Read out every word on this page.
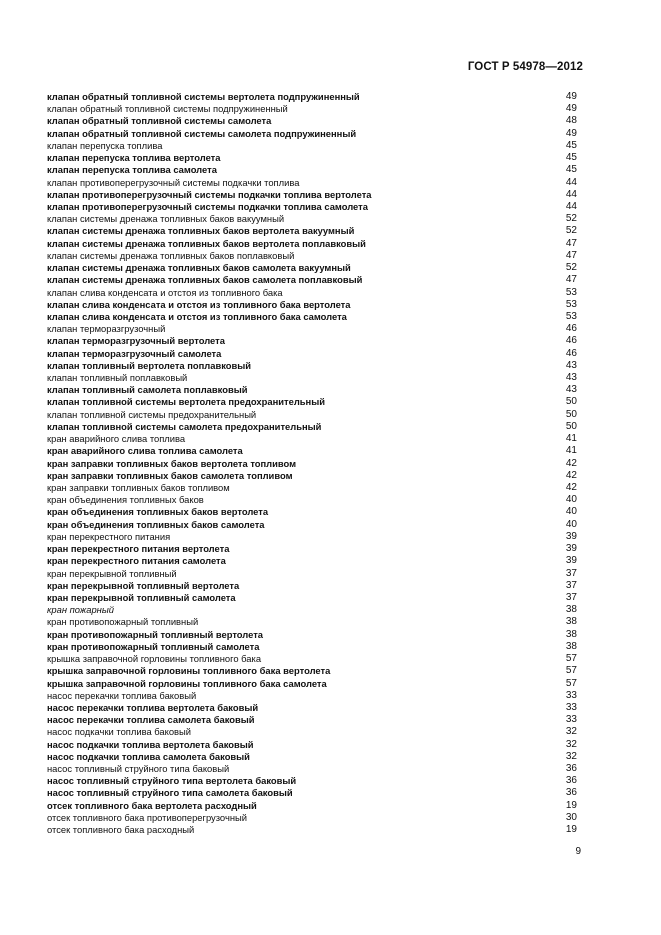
ГОСТ Р 54978—2012
клапан обратный топливной системы вертолета подпружиненный	49
клапан обратный топливной системы подпружиненный	49
клапан обратный топливной системы самолета	48
клапан обратный топливной системы самолета подпружиненный	49
клапан перепуска топлива	45
клапан перепуска топлива вертолета	45
клапан перепуска топлива самолета	45
клапан противоперегрузочный системы подкачки топлива	44
клапан противоперегрузочный системы подкачки топлива вертолета	44
клапан противоперегрузочный системы подкачки топлива самолета	44
клапан системы дренажа топливных баков вакуумный	52
клапан системы дренажа топливных баков вертолета вакуумный	52
клапан системы дренажа топливных баков вертолета поплавковый	47
клапан системы дренажа топливных баков поплавковый	47
клапан системы дренажа топливных баков самолета вакуумный	52
клапан системы дренажа топливных баков самолета поплавковый	47
клапан слива конденсата и отстоя из топливного бака	53
клапан слива конденсата и отстоя из топливного бака вертолета	53
клапан слива конденсата и отстоя из топливного бака самолета	53
клапан терморазгрузочный	46
клапан терморазгрузочный вертолета	46
клапан терморазгрузочный самолета	46
клапан топливный вертолета поплавковый	43
клапан топливный поплавковый	43
клапан топливный самолета поплавковый	43
клапан топливной системы вертолета предохранительный	50
клапан топливной системы предохранительный	50
клапан топливной системы самолета предохранительный	50
кран аварийного слива топлива	41
кран аварийного слива топлива самолета	41
кран заправки топливных баков вертолета топливом	42
кран заправки топливных баков самолета топливом	42
кран заправки топливных баков топливом	42
кран объединения топливных баков	40
кран объединения топливных баков вертолета	40
кран объединения топливных баков самолета	40
кран перекрестного питания	39
кран перекрестного питания вертолета	39
кран перекрестного питания самолета	39
кран перекрывной топливный	37
кран перекрывной топливный вертолета	37
кран перекрывной топливный самолета	37
кран пожарный	38
кран противопожарный топливный	38
кран противопожарный топливный вертолета	38
кран противопожарный топливный самолета	38
крышка заправочной горловины топливного бака	57
крышка заправочной горловины топливного бака вертолета	57
крышка заправочной горловины топливного бака самолета	57
насос перекачки топлива баковый	33
насос перекачки топлива вертолета баковый	33
насос перекачки топлива самолета баковый	33
насос подкачки топлива баковый	32
насос подкачки топлива вертолета баковый	32
насос подкачки топлива самолета баковый	32
насос топливный струйного типа баковый	36
насос топливный струйного типа вертолета баковый	36
насос топливный струйного типа самолета баковый	36
отсек топливного бака вертолета расходный	19
отсек топливного бака противоперегрузочный	30
отсек топливного бака расходный	19
9
